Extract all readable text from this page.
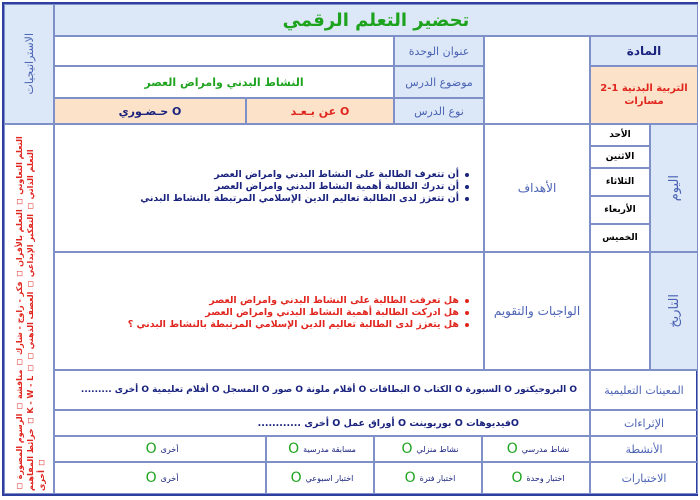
الاستراتيجيات
التعلم التعاوني ◻ التعلم بالأقران ◻ فكر - زاوج - شارك ◻ مناقشة ◻ الرسوم المصورة ◻ خرائط المفاهيم ◻ K - W - L ◻ التعلم الذاتي ◻ التفكير الإبداعي ◻ العصف الذهني ◻ أخرى ◻
تحضير التعلم الرقمي
المادة
التربية البدنية 1-2 مسارات
عنوان الوحدة
موضوع الدرس
نوع الدرس
النشاط البدني وامراض العصر
عن بـعـد O
حـضـوري O
اليوم
التاريخ
الأحد
الاثنين
الثلاثاء
الأربعاء
الخميس
الأهداف
أن تتعرف الطالبة على النشاط البدني وامراض العصر
أن تدرك الطالبة أهمية النشاط البدني وامراض العصر
أن تتعزز لدى الطالبة تعاليم الدين الإسلامي المرتبطة بالنشاط البدني
الواجبات والتقويم
هل تعرفت الطالبة على النشاط البدني وامراض العصر
هل ادركت الطالبة أهمية النشاط البدني وامراض العصر
هل يتعزز لدى الطالبة تعاليم الدين الإسلامي المرتبطة بالنشاط البدني ؟
المعينات التعليمية
O البروجيكتور O السبورة O الكتاب O البطاقات O أقلام ملونة O صور O المسجل O أفلام تعليمية O أخرى .........
الإثراءات
Oفيديوهات O بوربوينت O أوراق عمل O أخرى ............
الأنشطة
O نشاط مدرسي
O نشاط منزلي
O مسابقة مدرسية
O أخرى
الاختبارات
O اختبار وحدة
O اختبار فترة
O اختبار اسبوعي
O أخرى
